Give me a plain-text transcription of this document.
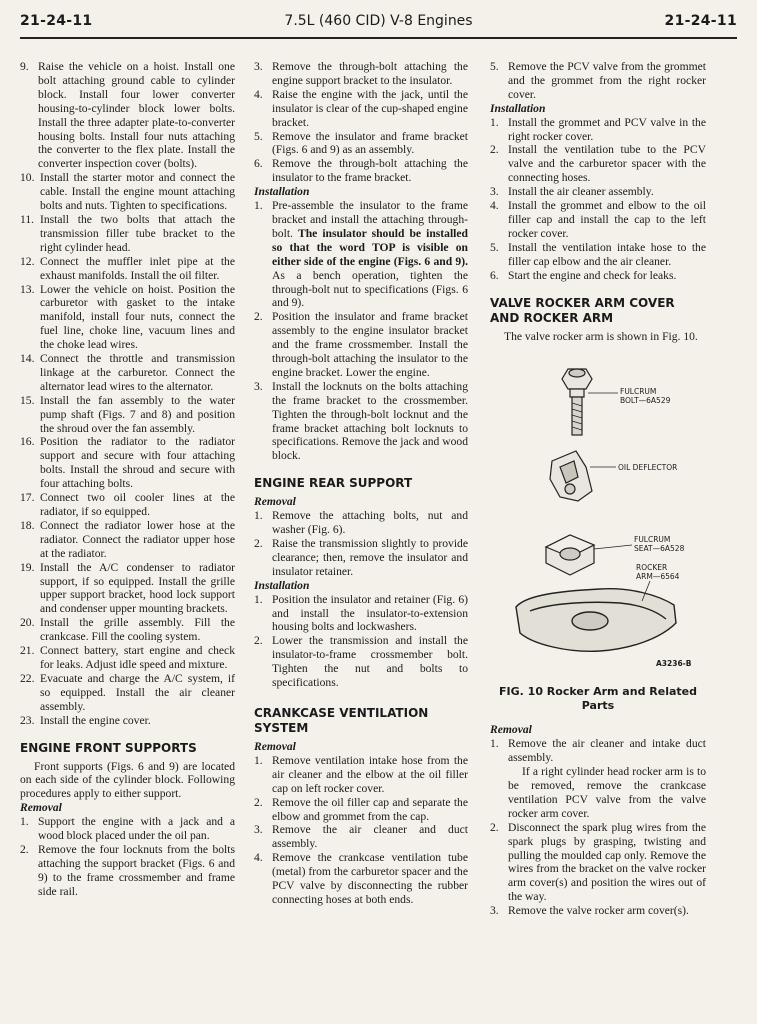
21-24-11	7.5L (460 CID) V-8 Engines	21-24-11
9. Raise the vehicle on a hoist. Install one bolt attaching ground cable to cylinder block. Install four lower converter housing-to-cylinder block lower bolts. Install the three adapter plate-to-converter housing bolts. Install four nuts attaching the converter to the flex plate. Install the converter inspection cover (bolts).
10. Install the starter motor and connect the cable. Install the engine mount attaching bolts and nuts. Tighten to specifications.
11. Install the two bolts that attach the transmission filler tube bracket to the right cylinder head.
12. Connect the muffler inlet pipe at the exhaust manifolds. Install the oil filter.
13. Lower the vehicle on hoist. Position the carburetor with gasket to the intake manifold, install four nuts, connect the fuel line, choke line, vacuum lines and the choke lead wires.
14. Connect the throttle and transmission linkage at the carburetor. Connect the alternator lead wires to the alternator.
15. Install the fan assembly to the water pump shaft (Figs. 7 and 8) and position the shroud over the fan assembly.
16. Position the radiator to the radiator support and secure with four attaching bolts. Install the shroud and secure with four attaching bolts.
17. Connect two oil cooler lines at the radiator, if so equipped.
18. Connect the radiator lower hose at the radiator. Connect the radiator upper hose at the radiator.
19. Install the A/C condenser to radiator support, if so equipped. Install the grille upper support bracket, hood lock support and condenser upper mounting brackets.
20. Install the grille assembly. Fill the crankcase. Fill the cooling system.
21. Connect battery, start engine and check for leaks. Adjust idle speed and mixture.
22. Evacuate and charge the A/C system, if so equipped. Install the air cleaner assembly.
23. Install the engine cover.
ENGINE FRONT SUPPORTS

Front supports (Figs. 6 and 9) are located on each side of the cylinder block. Following procedures apply to either support.

Removal

1. Support the engine with a jack and a wood block placed under the oil pan.
2. Remove the four locknuts from the bolts attaching the support bracket (Figs. 6 and 9) to the frame crossmember and frame side rail.
3. Remove the through-bolt attaching the engine support bracket to the insulator.
4. Raise the engine with the jack, until the insulator is clear of the cup-shaped engine bracket.
5. Remove the insulator and frame bracket (Figs. 6 and 9) as an assembly.
6. Remove the through-bolt attaching the insulator to the frame bracket.

Installation

1. Pre-assemble the insulator to the frame bracket and install the attaching through-bolt. The insulator should be installed so that the word TOP is visible on either side of the engine (Figs. 6 and 9). As a bench operation, tighten the through-bolt nut to specifications (Figs. 6 and 9).
2. Position the insulator and frame bracket assembly to the engine insulator bracket and the frame crossmember. Install the through-bolt attaching the insulator to the engine bracket. Lower the engine.
3. Install the locknuts on the bolts attaching the frame bracket to the crossmember. Tighten the through-bolt locknut and the frame bracket attaching bolt locknuts to specifications. Remove the jack and wood block.
ENGINE REAR SUPPORT

Removal

1. Remove the attaching bolts, nut and washer (Fig. 6).
2. Raise the transmission slightly to provide clearance; then, remove the insulator and insulator retainer.

Installation

1. Position the insulator and retainer (Fig. 6) and install the insulator-to-extension housing bolts and lockwashers.
2. Lower the transmission and install the insulator-to-frame crossmember bolt. Tighten the nut and bolts to specifications.
CRANKCASE VENTILATION
SYSTEM

Removal

1. Remove ventilation intake hose from the air cleaner and the elbow at the oil filler cap on left rocker cover.
2. Remove the oil filler cap and separate the elbow and grommet from the cap.
3. Remove the air cleaner and duct assembly.
4. Remove the crankcase ventilation tube (metal) from the carburetor spacer and the PCV valve by disconnecting the rubber connecting hoses at both ends.
5. Remove the PCV valve from the grommet and the grommet from the right rocker cover.

Installation

1. Install the grommet and PCV valve in the right rocker cover.
2. Install the ventilation tube to the PCV valve and the carburetor spacer with the connecting hoses.
3. Install the air cleaner assembly.
4. Install the grommet and elbow to the oil filler cap and install the cap to the left rocker cover.
5. Install the ventilation intake hose to the filler cap elbow and the air cleaner.
6. Start the engine and check for leaks.
VALVE ROCKER ARM COVER
AND ROCKER ARM

The valve rocker arm is shown in Fig. 10.

FULCRUM
BOLT—6A529
OIL DEFLECTOR
FULCRUM
SEAT—6A528
ROCKER
ARM—6564
A3236-B
FIG. 10 Rocker Arm and Related Parts

Removal

1. Remove the air cleaner and intake duct assembly.

If a right cylinder head rocker arm is to be removed, remove the crankcase ventilation PCV valve from the valve rocker arm cover.

2. Disconnect the spark plug wires from the spark plugs by grasping, twisting and pulling the moulded cap only. Remove the wires from the bracket on the valve rocker arm cover(s) and position the wires out of the way.
3. Remove the valve rocker arm cover(s).
